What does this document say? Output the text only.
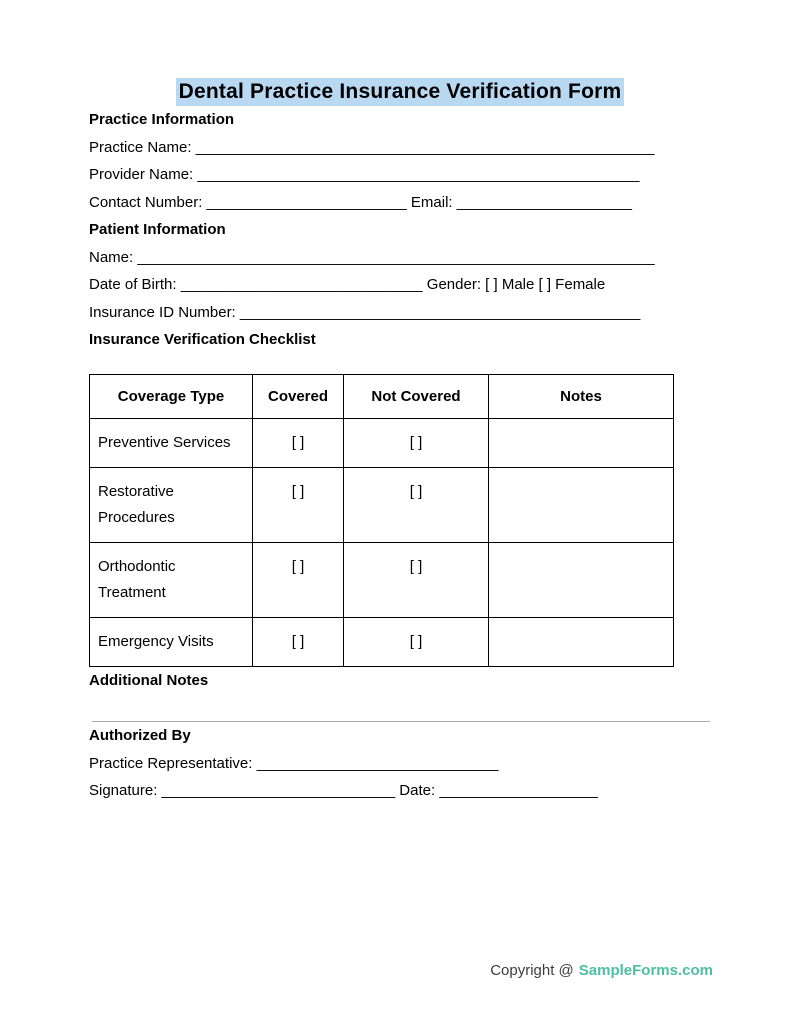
Dental Practice Insurance Verification Form
Practice Information

Practice Name: _______________________________________________________

Provider Name: _____________________________________________________

Contact Number: ________________________ Email: _____________________

Patient Information

Name: ______________________________________________________________

Date of Birth: _____________________________ Gender: [ ] Male [ ] Female

Insurance ID Number: ________________________________________________

Insurance Verification Checklist
Coverage Type	Covered	Not Covered	Notes
Preventive Services	[ ]	[ ]	
Restorative Procedures	[ ]	[ ]	
Orthodontic Treatment	[ ]	[ ]	
Emergency Visits	[ ]	[ ]	
Additional Notes
Authorized By

Practice Representative: _____________________________

Signature: ____________________________ Date: ___________________

Copyright @ SampleForms.com
